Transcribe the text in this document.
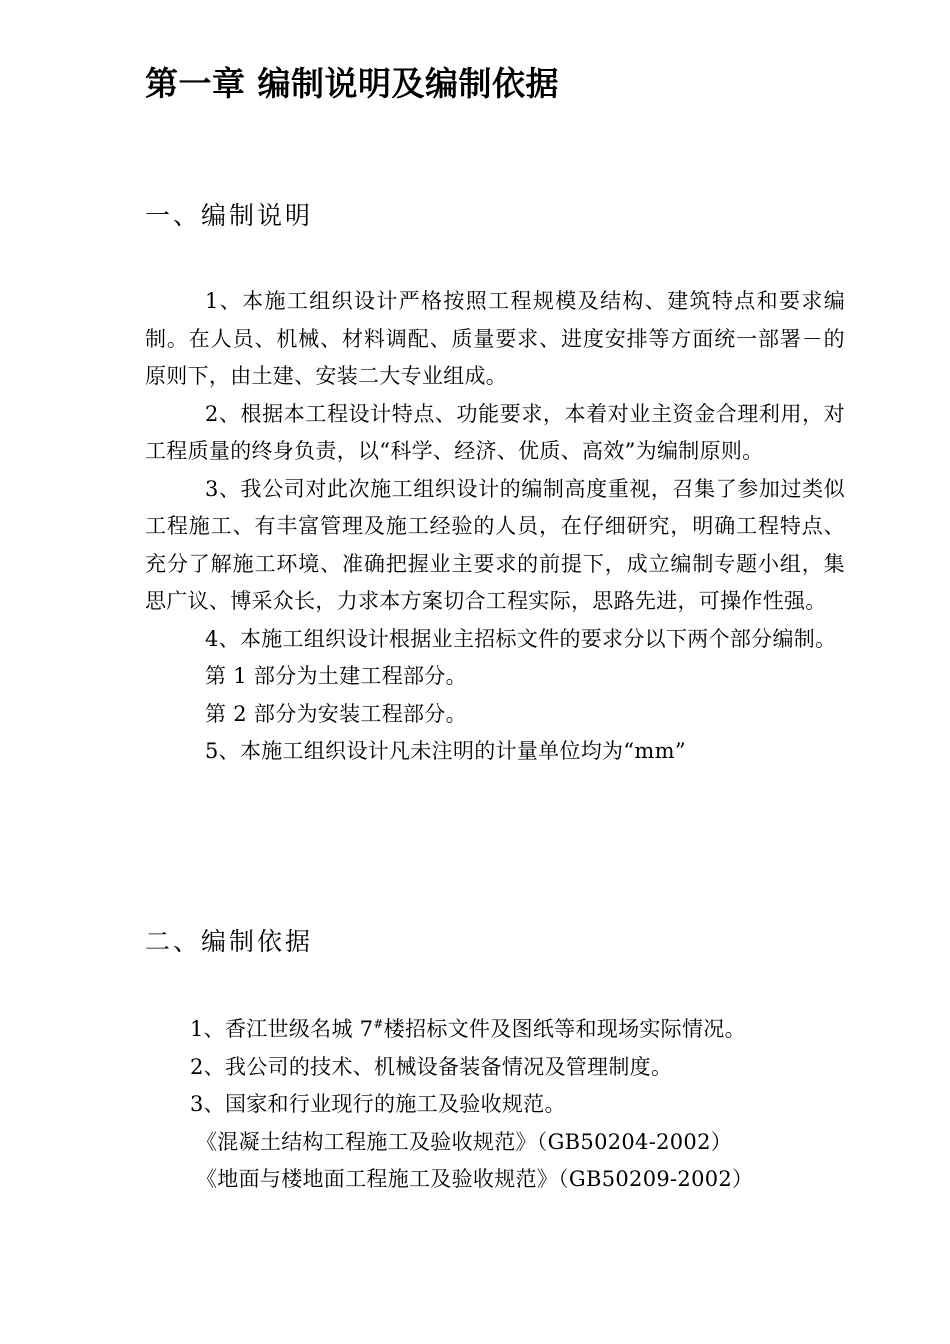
第一章 编制说明及编制依据
一、编制说明

1、本施工组织设计严格按照工程规模及结构、建筑特点和要求编制。在人员、机械、材料调配、质量要求、进度安排等方面统一部署－的原则下，由土建、安装二大专业组成。

2、根据本工程设计特点、功能要求，本着对业主资金合理利用，对工程质量的终身负责，以“科学、经济、优质、高效”为编制原则。

3、我公司对此次施工组织设计的编制高度重视，召集了参加过类似工程施工、有丰富管理及施工经验的人员，在仔细研究，明确工程特点、充分了解施工环境、准确把握业主要求的前提下，成立编制专题小组，集思广议、博采众长，力求本方案切合工程实际，思路先进，可操作性强。

4、本施工组织设计根据业主招标文件的要求分以下两个部分编制。

第 1 部分为土建工程部分。

第 2 部分为安装工程部分。

5、本施工组织设计凡未注明的计量单位均为“mm”

二、编制依据

1、香江世级名城 7#楼招标文件及图纸等和现场实际情况。

2、我公司的技术、机械设备装备情况及管理制度。

3、国家和行业现行的施工及验收规范。

《混凝土结构工程施工及验收规范》（GB50204-2002）

《地面与楼地面工程施工及验收规范》（GB50209-2002）
